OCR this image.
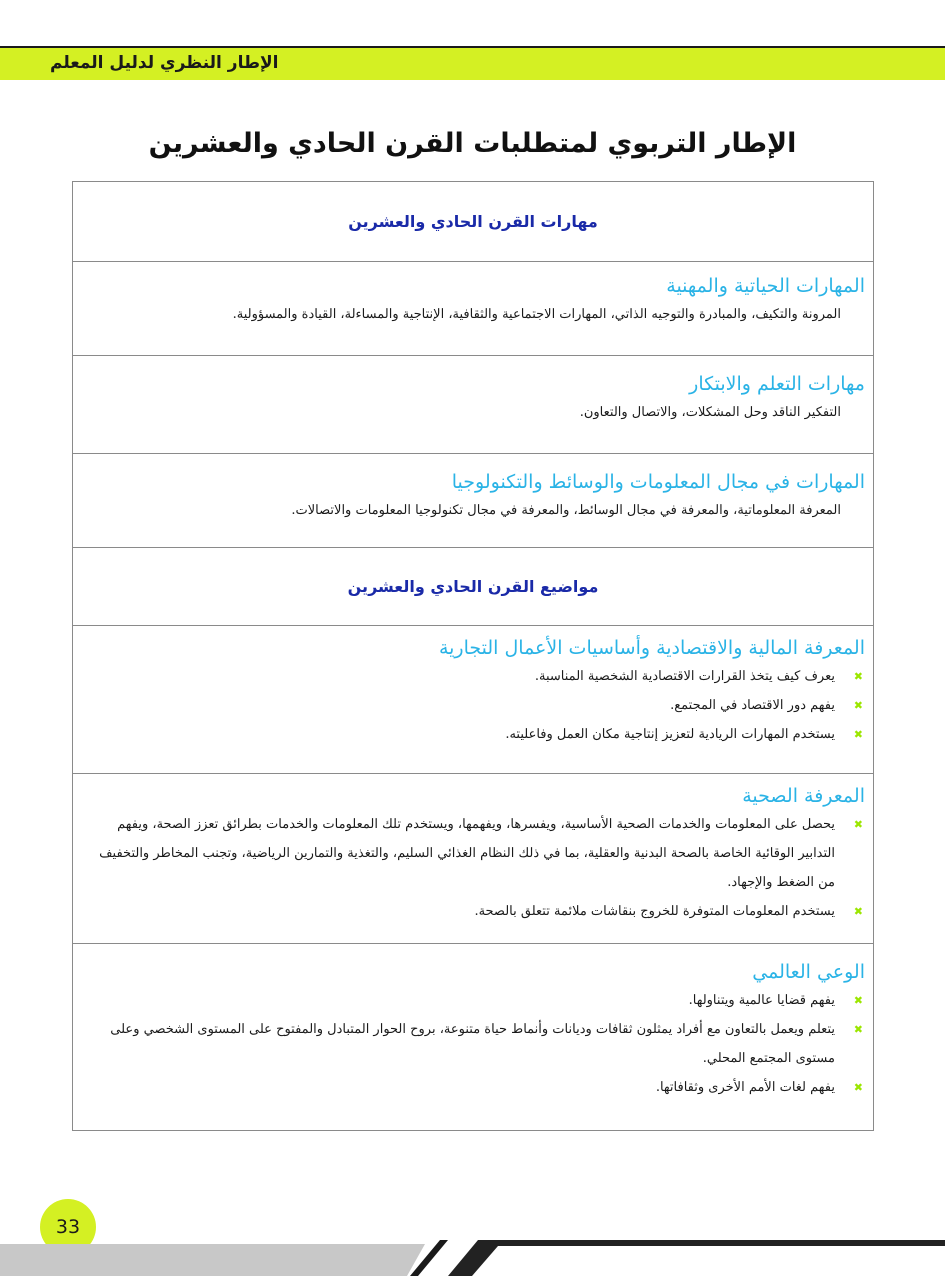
الإطار النظري لدليل المعلم
الإطار التربوي لمتطلبات القرن الحادي والعشرين
مهارات القرن الحادي والعشرين
المهارات الحياتية والمهنية
المرونة والتكيف، والمبادرة والتوجيه الذاتي، المهارات الاجتماعية والثقافية، الإنتاجية والمساءلة، القيادة والمسؤولية.
مهارات التعلم والابتكار
التفكير الناقد وحل المشكلات، والاتصال والتعاون.
المهارات في مجال المعلومات والوسائط والتكنولوجيا
المعرفة المعلوماتية، والمعرفة في مجال الوسائط، والمعرفة في مجال تكنولوجيا المعلومات والاتصالات.
مواضيع القرن الحادي والعشرين
المعرفة المالية والاقتصادية وأساسيات الأعمال التجارية
✖
يعرف كيف يتخذ القرارات الاقتصادية الشخصية المناسبة.
✖
يفهم دور الاقتصاد في المجتمع.
✖
يستخدم المهارات الريادية لتعزيز إنتاجية مكان العمل وفاعليته.
المعرفة الصحية
✖
يحصل على المعلومات والخدمات الصحية الأساسية، ويفسرها، ويفهمها، ويستخدم تلك المعلومات والخدمات بطرائق تعزز الصحة، ويفهم التدابير الوقائية الخاصة بالصحة البدنية والعقلية، بما في ذلك النظام الغذائي السليم، والتغذية والتمارين الرياضية، وتجنب المخاطر والتخفيف من الضغط والإجهاد.
✖
يستخدم المعلومات المتوفرة للخروج بنقاشات ملائمة تتعلق بالصحة.
الوعي العالمي
✖
يفهم قضايا عالمية ويتناولها.
✖
يتعلم ويعمل بالتعاون مع أفراد يمثلون ثقافات وديانات وأنماط حياة متنوعة، بروح الحوار المتبادل والمفتوح على المستوى الشخصي وعلى مستوى المجتمع المحلي.
✖
يفهم لغات الأمم الأخرى وثقافاتها.
33
